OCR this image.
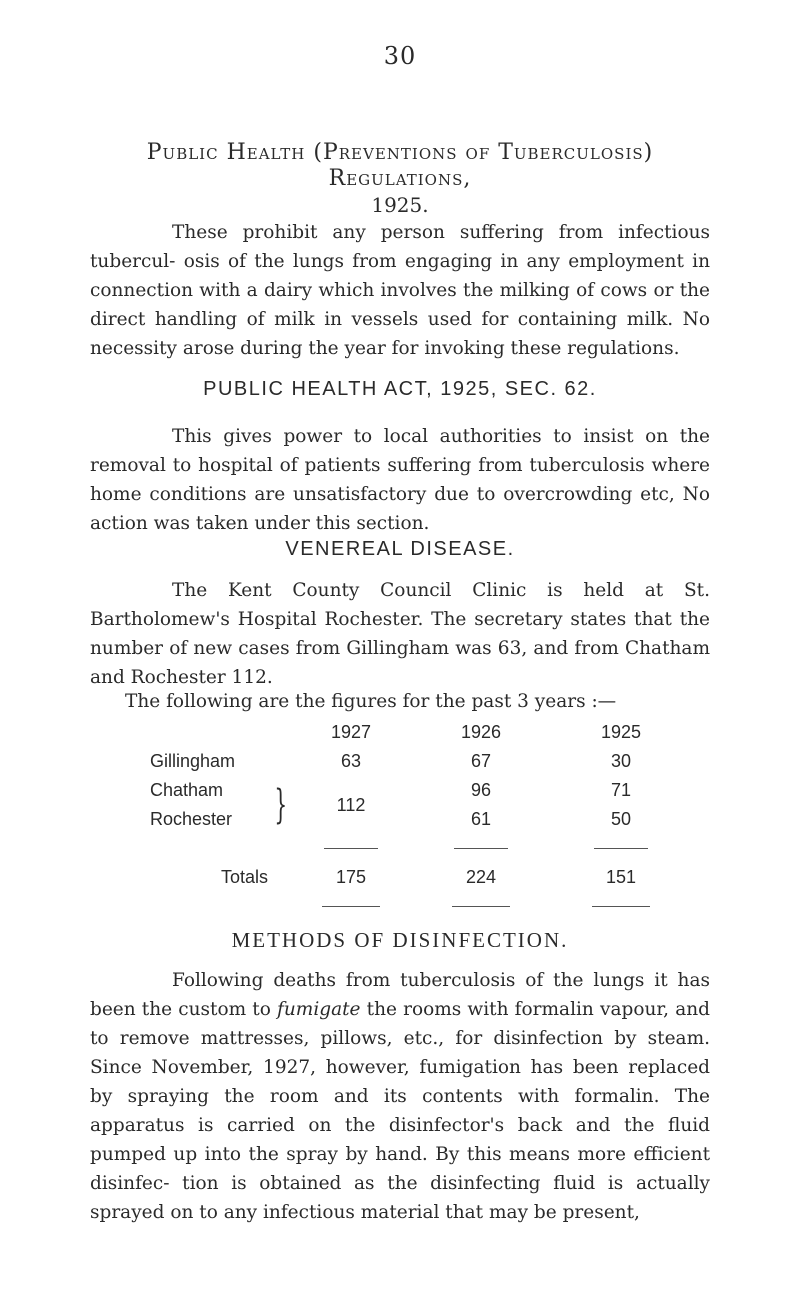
30
Public Health (Preventions of Tuberculosis) Regulations,
1925.

These prohibit any person suffering from infectious tubercul- osis of the lungs from engaging in any employment in connection with a dairy which involves the milking of cows or the direct handling of milk in vessels used for containing milk. No necessity arose during the year for invoking these regulations.

PUBLIC HEALTH ACT, 1925, SEC. 62.

This gives power to local authorities to insist on the removal to hospital of patients suffering from tuberculosis where home conditions are unsatisfactory due to overcrowding etc, No action was taken under this section.

VENEREAL DISEASE.

The Kent County Council Clinic is held at St. Bartholomew's Hospital Rochester. The secretary states that the number of new cases from Gillingham was 63, and from Chatham and Rochester 112.

The following are the figures for the past 3 years :—

		1927	1926	1925
Gillingham		63	67	30
Chatham	}	112	96	71
Rochester			61	50

Totals		175	224	151

METHODS OF DISINFECTION.

Following deaths from tuberculosis of the lungs it has been the custom to fumigate the rooms with formalin vapour, and to remove mattresses, pillows, etc., for disinfection by steam. Since November, 1927, however, fumigation has been replaced by spraying the room and its contents with formalin. The apparatus is carried on the disinfector's back and the fluid pumped up into the spray by hand. By this means more efficient disinfec- tion is obtained as the disinfecting fluid is actually sprayed on to any infectious material that may be present,
